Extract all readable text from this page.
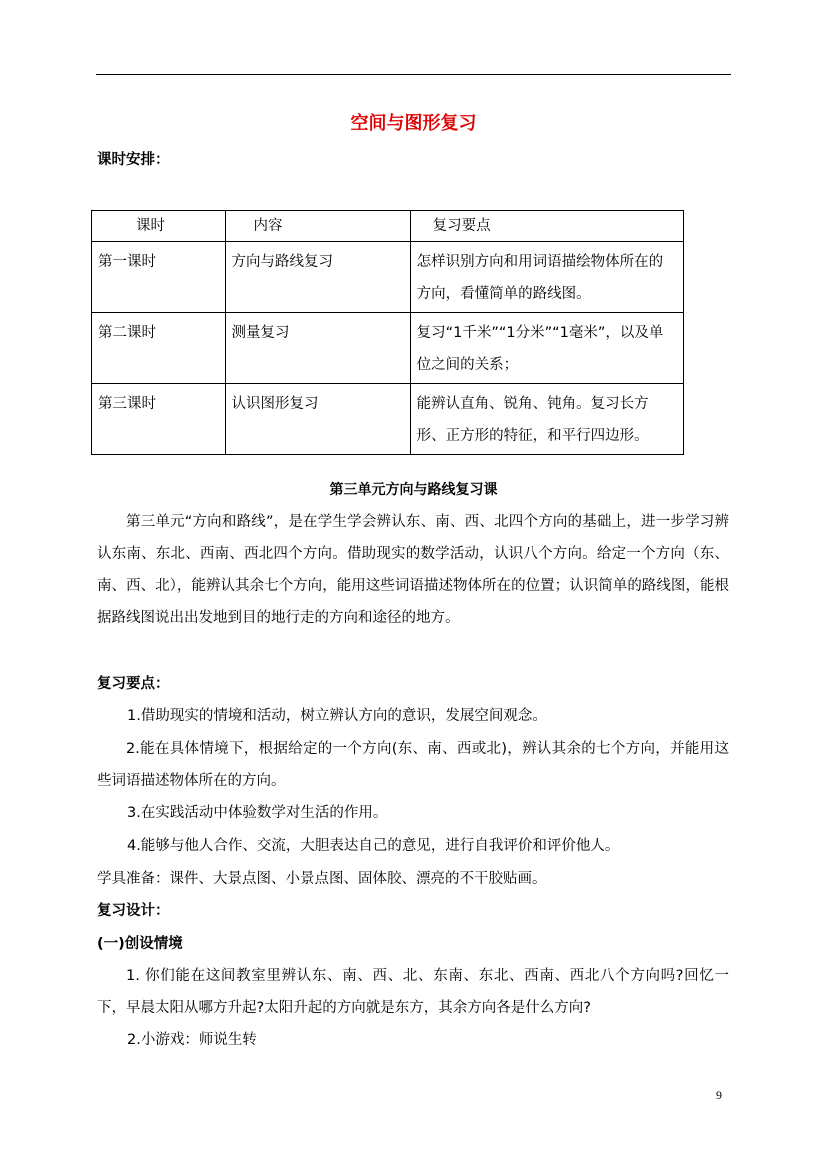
空间与图形复习
课时安排：
课时	内容	复习要点
第一课时	方向与路线复习	怎样识别方向和用词语描绘物体所在的方向，看懂简单的路线图。
第二课时	测量复习	复习“1千米”“1分米”“1毫米”，以及单位之间的关系；
第三课时	认识图形复习	能辨认直角、锐角、钝角。复习长方形、正方形的特征，和平行四边形。
第三单元方向与路线复习课
第三单元“方向和路线”，是在学生学会辨认东、南、西、北四个方向的基础上，进一步学习辨认东南、东北、西南、西北四个方向。借助现实的数学活动，认识八个方向。给定一个方向（东、南、西、北），能辨认其余七个方向，能用这些词语描述物体所在的位置；认识简单的路线图，能根据路线图说出出发地到目的地行走的方向和途径的地方。
复习要点：
1.借助现实的情境和活动，树立辨认方向的意识，发展空间观念。
2.能在具体情境下，根据给定的一个方向(东、南、西或北)，辨认其余的七个方向，并能用这些词语描述物体所在的方向。
3.在实践活动中体验数学对生活的作用。
4.能够与他人合作、交流，大胆表达自己的意见，进行自我评价和评价他人。
学具准备：课件、大景点图、小景点图、固体胶、漂亮的不干胶贴画。
复习设计：
(一)创设情境
1. 你们能在这间教室里辨认东、南、西、北、东南、东北、西南、西北八个方向吗?回忆一下，早晨太阳从哪方升起?太阳升起的方向就是东方，其余方向各是什么方向?
2.小游戏：师说生转
9
